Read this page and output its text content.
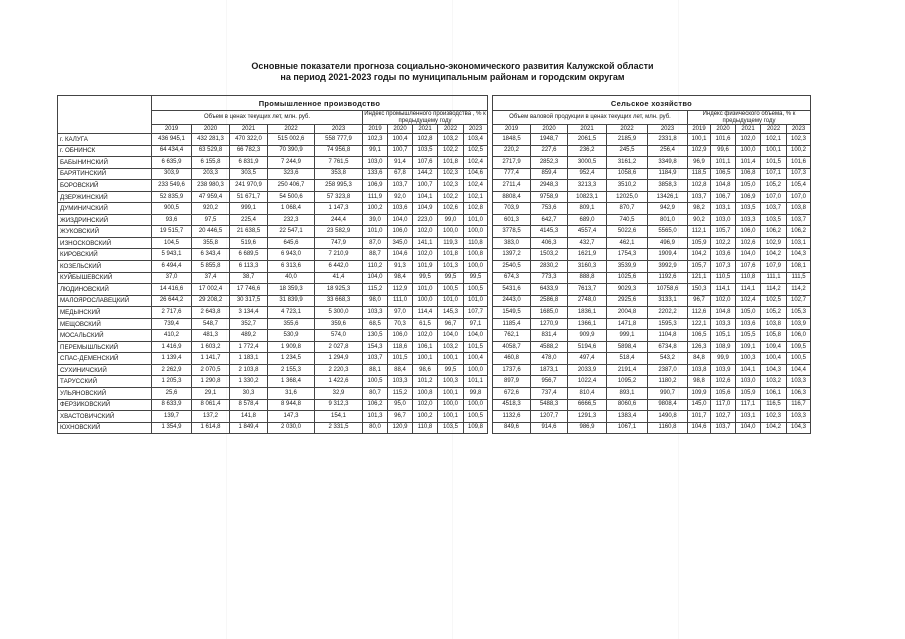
Основные показатели прогноза социально-экономического развития Калужской области
на период 2021-2023 годы по муниципальным районам и городским округам
	Промышленное производство											Сельское хозяйство									
	Объем в ценах текущих лет, млн. руб.					Индекс промышленного производства , % к предыдущему году						Объем валовой продукции в ценах текущих лет, млн. руб.					Индекс физического объема, % к предыдущему году				
	2019	2020	2021	2022	2023	2019	2020	2021	2022	2023		2019	2020	2021	2022	2023	2019	2020	2021	2022	2023
г. КАЛУГА	436 945,1	432 281,3	470 322,0	515 002,6	558 777,9	102,3	100,4	102,8	103,2	103,4		1848,5	1948,7	2061,5	2185,9	2331,8	100,1	101,6	102,0	102,1	102,3
г. ОБНИНСК	64 434,4	63 529,8	66 782,3	70 390,9	74 956,8	99,1	100,7	103,5	102,2	102,5		220,2	227,6	236,2	245,5	256,4	102,9	99,6	100,0	100,1	100,2
БАБЫНИНСКИЙ	6 635,9	6 155,8	6 831,9	7 244,9	7 761,5	103,0	91,4	107,6	101,8	102,4		2717,9	2852,3	3000,5	3161,2	3349,8	96,9	101,1	101,4	101,5	101,6
БАРЯТИНСКИЙ	303,9	203,3	303,5	323,6	353,8	133,6	67,8	144,2	102,3	104,6		777,4	859,4	952,4	1058,6	1184,9	118,5	106,5	106,8	107,1	107,3
БОРОВСКИЙ	233 549,6	238 980,3	241 970,9	250 406,7	258 995,3	106,9	103,7	100,7	102,3	102,4		2711,4	2948,3	3213,3	3510,2	3858,3	102,8	104,8	105,0	105,2	105,4
ДЗЕРЖИНСКИЙ	52 835,9	47 959,4	51 671,7	54 500,6	57 323,8	111,9	92,0	104,1	102,2	102,1		8808,4	9758,9	10823,1	12025,0	13426,1	103,7	106,7	106,9	107,0	107,0
ДУМИНИЧСКИЙ	900,5	920,2	999,1	1 068,4	1 147,3	100,2	103,6	104,9	102,6	102,8		703,9	753,6	809,1	870,7	942,9	98,2	103,1	103,5	103,7	103,8
ЖИЗДРИНСКИЙ	93,6	97,5	225,4	232,3	244,4	39,0	104,0	223,0	99,0	101,0		601,3	642,7	689,0	740,5	801,0	90,2	103,0	103,3	103,5	103,7
ЖУКОВСКИЙ	19 515,7	20 446,5	21 638,5	22 547,1	23 582,9	101,0	106,0	102,0	100,0	100,0		3778,5	4145,3	4557,4	5022,6	5565,0	112,1	105,7	106,0	106,2	106,2
ИЗНОСКОВСКИЙ	104,5	355,8	519,6	645,6	747,9	87,0	345,0	141,1	119,3	110,8		383,0	406,3	432,7	462,1	496,9	105,9	102,2	102,6	102,9	103,1
КИРОВСКИЙ	5 943,1	6 343,4	6 689,5	6 943,0	7 210,9	88,7	104,6	102,0	101,8	100,8		1397,2	1503,2	1621,9	1754,3	1909,4	104,2	103,6	104,0	104,2	104,3
КОЗЕЛЬСКИЙ	6 494,4	5 855,8	6 113,3	6 313,6	6 442,0	110,2	91,3	101,9	101,3	100,0		2540,5	2830,2	3160,3	3539,9	3992,9	105,7	107,3	107,6	107,9	108,1
КУЙБЫШЕВСКИЙ	37,0	37,4	38,7	40,0	41,4	104,0	98,4	99,5	99,5	99,5		674,3	773,3	888,8	1025,6	1192,6	121,1	110,5	110,8	111,1	111,5
ЛЮДИНОВСКИЙ	14 416,6	17 002,4	17 746,6	18 359,3	18 925,3	115,2	112,9	101,0	100,5	100,5		5431,6	6433,9	7613,7	9029,3	10758,6	150,3	114,1	114,1	114,2	114,2
МАЛОЯРОСЛАВЕЦКИЙ	26 644,2	29 208,2	30 317,5	31 839,9	33 668,3	98,0	111,0	100,0	101,0	101,0		2443,0	2586,8	2748,0	2925,6	3133,1	96,7	102,0	102,4	102,5	102,7
МЕДЫНСКИЙ	2 717,6	2 643,8	3 134,4	4 723,1	5 300,0	103,3	97,0	114,4	145,3	107,7		1549,5	1685,0	1836,1	2004,8	2202,2	112,6	104,8	105,0	105,2	105,3
МЕЩОВСКИЙ	739,4	548,7	352,7	355,6	359,6	68,5	70,3	61,5	96,7	97,1		1185,4	1270,9	1366,1	1471,8	1595,3	122,1	103,3	103,6	103,8	103,9
МОСАЛЬСКИЙ	410,2	481,3	489,2	530,9	574,0	130,5	106,0	102,0	104,0	104,0		762,1	831,4	909,9	999,1	1104,8	106,5	105,1	105,5	105,8	106,0
ПЕРЕМЫШЛЬСКИЙ	1 416,9	1 603,2	1 772,4	1 909,8	2 027,8	154,3	118,6	106,1	103,2	101,5		4058,7	4588,2	5194,6	5898,4	6734,8	126,3	108,9	109,1	109,4	109,5
СПАС-ДЕМЕНСКИЙ	1 139,4	1 141,7	1 183,1	1 234,5	1 294,9	103,7	101,5	100,1	100,1	100,4		460,8	478,0	497,4	518,4	543,2	84,8	99,9	100,3	100,4	100,5
СУХИНИЧСКИЙ	2 262,9	2 070,5	2 103,8	2 155,3	2 220,3	88,1	88,4	98,6	99,5	100,0		1737,6	1873,1	2033,9	2191,4	2387,0	103,8	103,9	104,1	104,3	104,4
ТАРУССКИЙ	1 205,3	1 290,8	1 330,2	1 368,4	1 422,6	100,5	103,3	101,2	100,3	101,1		897,9	956,7	1022,4	1095,2	1180,2	98,8	102,6	103,0	103,2	103,3
УЛЬЯНОВСКИЙ	25,6	29,1	30,3	31,6	32,9	80,7	115,2	100,8	100,1	99,8		672,6	737,4	810,4	893,1	990,7	109,9	105,6	105,9	106,1	106,3
ФЕРЗИКОВСКИЙ	8 633,9	8 061,4	8 578,4	8 944,8	9 312,3	106,2	95,0	102,0	100,0	100,0		4518,3	5488,3	6666,5	8060,6	9808,4	145,0	117,0	117,1	116,5	116,7
ХВАСТОВИЧСКИЙ	139,7	137,2	141,8	147,3	154,1	101,3	96,7	100,2	100,1	100,5		1132,6	1207,7	1291,3	1383,4	1490,8	101,7	102,7	103,1	102,3	103,3
ЮХНОВСКИЙ	1 354,9	1 614,8	1 849,4	2 030,0	2 331,5	80,0	120,9	110,8	103,5	109,8		849,6	914,6	986,9	1067,1	1160,8	104,6	103,7	104,0	104,2	104,3
